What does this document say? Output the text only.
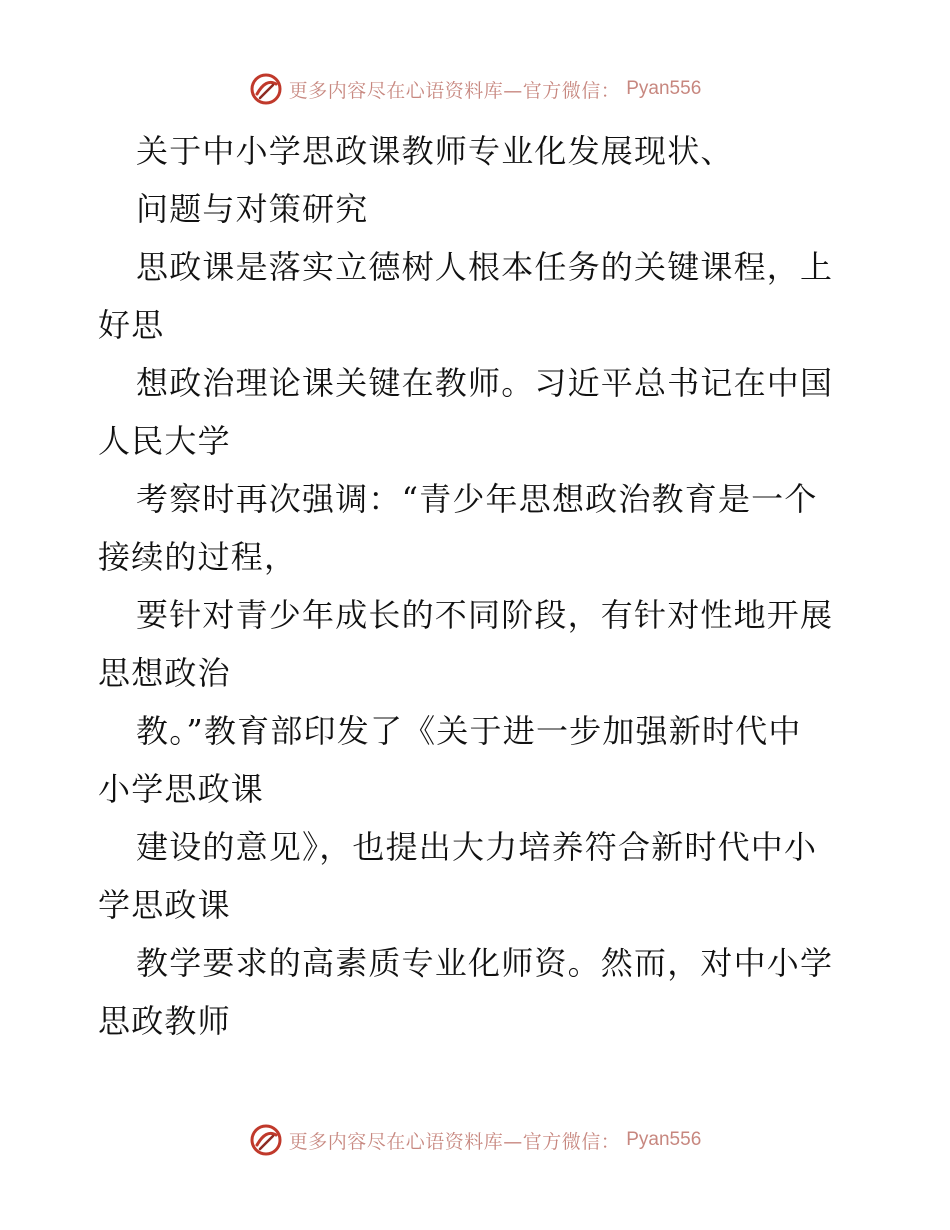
更多内容尽在心语资料库—官方微信： Pyan556
关于中小学思政课教师专业化发展现状、
问题与对策研究
思政课是落实立德树人根本任务的关键课程，上
好思
想政治理论课关键在教师。习近平总书记在中国
人民大学
考察时再次强调：“青少年思想政治教育是一个
接续的过程，
要针对青少年成长的不同阶段，有针对性地开展
思想政治
教。”教育部印发了《关于进一步加强新时代中
小学思政课
建设的意见》，也提出大力培养符合新时代中小
学思政课
教学要求的高素质专业化师资。然而，对中小学
思政教师
更多内容尽在心语资料库—官方微信： Pyan556
